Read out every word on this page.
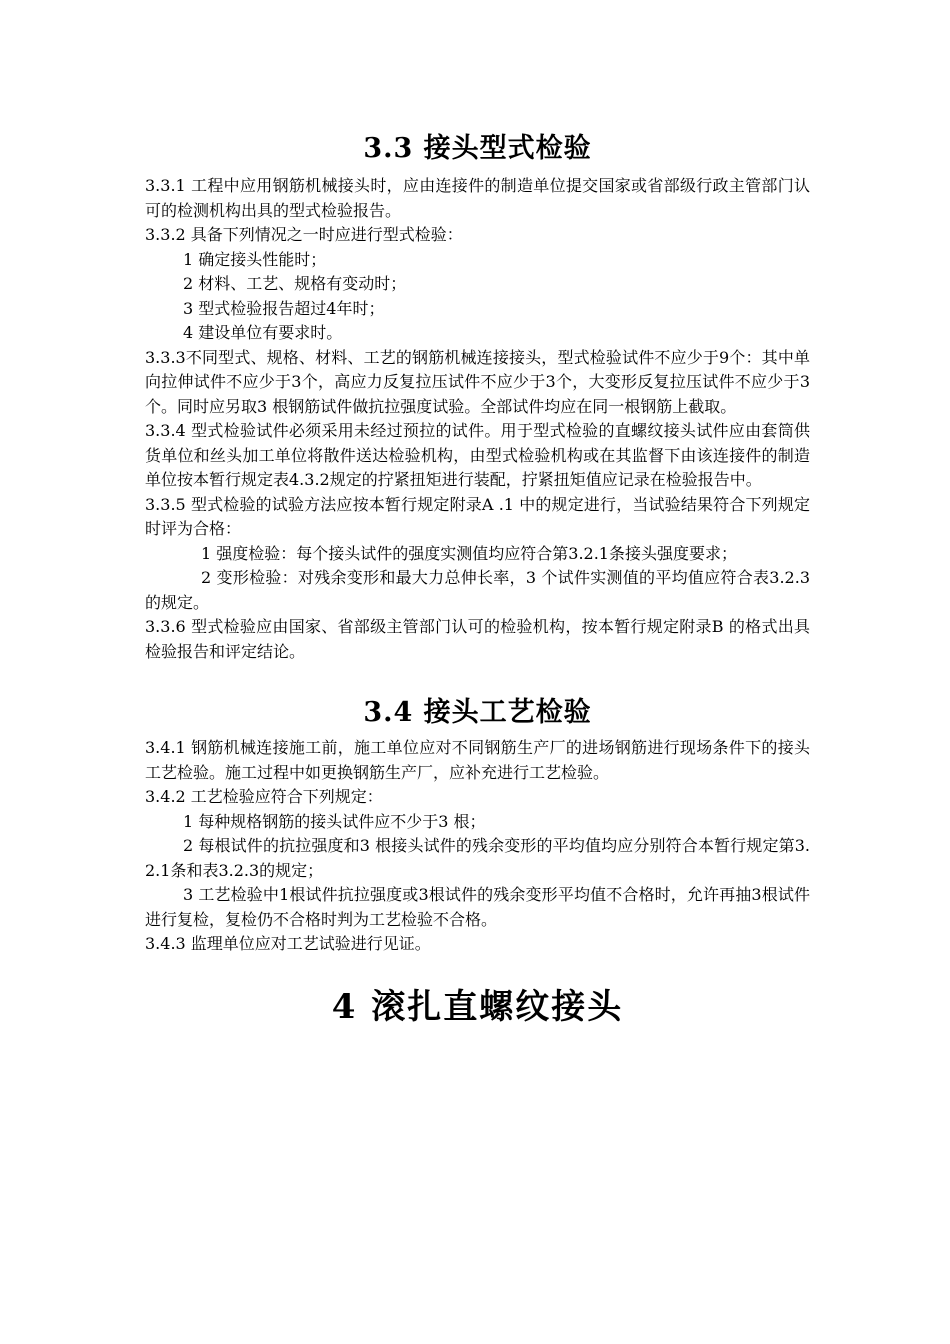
3.3 接头型式检验

3.3.1 工程中应用钢筋机械接头时，应由连接件的制造单位提交国家或省部级行政主管部门认可的检测机构出具的型式检验报告。

3.3.2 具备下列情况之一时应进行型式检验：

1 确定接头性能时；

2 材料、工艺、规格有变动时；

3 型式检验报告超过4年时；

4 建设单位有要求时。

3.3.3不同型式、规格、材料、工艺的钢筋机械连接接头，型式检验试件不应少于9个：其中单向拉伸试件不应少于3个，高应力反复拉压试件不应少于3个，大变形反复拉压试件不应少于3 个。同时应另取3 根钢筋试件做抗拉强度试验。全部试件均应在同一根钢筋上截取。

3.3.4 型式检验试件必须采用未经过预拉的试件。用于型式检验的直螺纹接头试件应由套筒供货单位和丝头加工单位将散件送达检验机构，由型式检验机构或在其监督下由该连接件的制造单位按本暂行规定表4.3.2规定的拧紧扭矩进行装配，拧紧扭矩值应记录在检验报告中。

3.3.5 型式检验的试验方法应按本暂行规定附录A .1 中的规定进行，当试验结果符合下列规定时评为合格：

1 强度检验：每个接头试件的强度实测值均应符合第3.2.1条接头强度要求；

2 变形检验：对残余变形和最大力总伸长率，3 个试件实测值的平均值应符合表3.2.3的规定。

3.3.6 型式检验应由国家、省部级主管部门认可的检验机构，按本暂行规定附录B 的格式出具检验报告和评定结论。

3.4 接头工艺检验

3.4.1 钢筋机械连接施工前，施工单位应对不同钢筋生产厂的进场钢筋进行现场条件下的接头工艺检验。施工过程中如更换钢筋生产厂，应补充进行工艺检验。

3.4.2 工艺检验应符合下列规定：

1 每种规格钢筋的接头试件应不少于3 根；

2 每根试件的抗拉强度和3 根接头试件的残余变形的平均值均应分别符合本暂行规定第3.2.1条和表3.2.3的规定；

3 工艺检验中1根试件抗拉强度或3根试件的残余变形平均值不合格时，允许再抽3根试件进行复检，复检仍不合格时判为工艺检验不合格。

3.4.3 监理单位应对工艺试验进行见证。

4 滚扎直螺纹接头
